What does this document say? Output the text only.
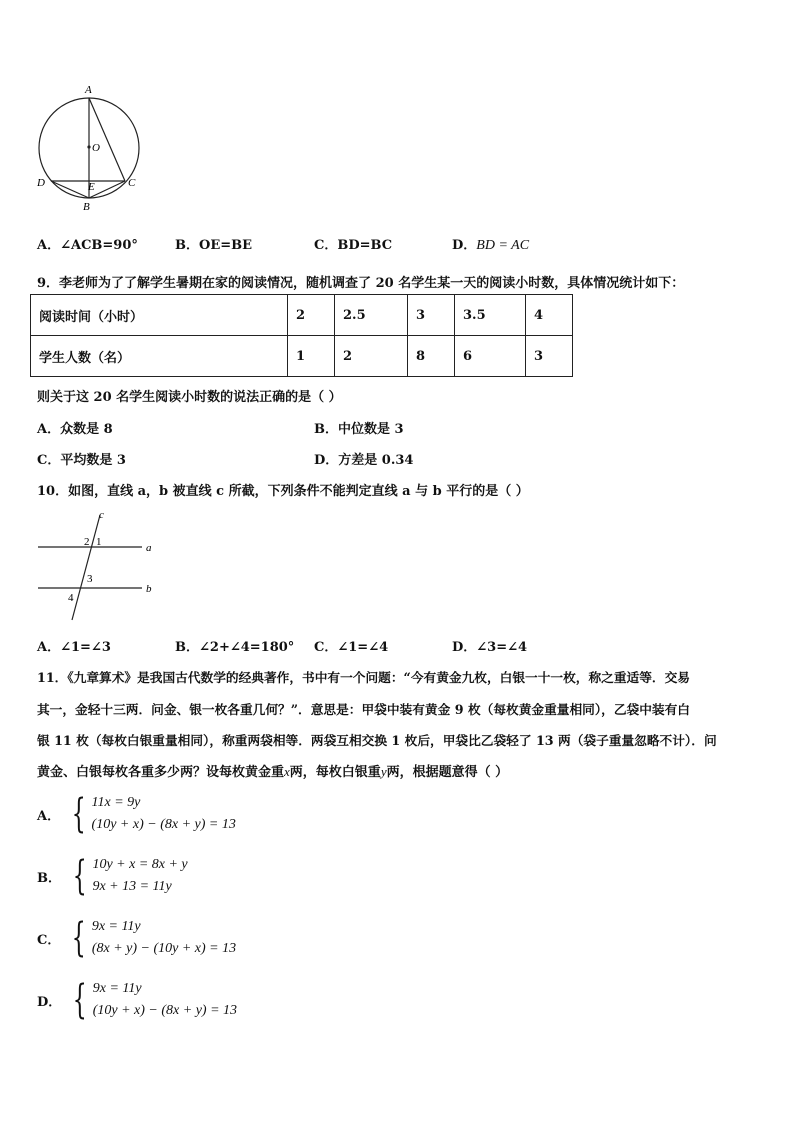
A
O
D	E	C
B
A．∠ACB=90°	B．OE=BE	C．BD=BC	D．BD = AC
9．李老师为了了解学生暑期在家的阅读情况，随机调查了 20 名学生某一天的阅读小时数，具体情况统计如下：
阅读时间（小时）	2	2.5	3	3.5	4
学生人数（名）	1	2	8	6	3
则关于这 20 名学生阅读小时数的说法正确的是（ ）
A．众数是 8	B．中位数是 3
C．平均数是 3	D．方差是 0.34
10．如图，直线 a，b 被直线 c 所截，下列条件不能判定直线 a 与 b 平行的是（ ）
c
a
b
2 1
3
4
A．∠1=∠3	B．∠2+∠4=180° C．∠1=∠4	D．∠3=∠4
11．《九章算术》是我国古代数学的经典著作，书中有一个问题：“今有黄金九枚，白银一十一枚，称之重适等．交易
其一，金轻十三两．问金、银一枚各重几何？”．意思是：甲袋中装有黄金 9 枚（每枚黄金重量相同），乙袋中装有白
银 11 枚（每枚白银重量相同），称重两袋相等．两袋互相交换 1 枚后，甲袋比乙袋轻了 13 两（袋子重量忽略不计）．问
黄金、白银每枚各重多少两？设每枚黄金重x两，每枚白银重y两，根据题意得（ ）
A． { 11x = 9y
(10y + x) − (8x + y) = 13
B． { 10y + x = 8x + y
9x + 13 = 11y
C． { 9x = 11y
(8x + y) − (10y + x) = 13
D． { 9x = 11y
(10y + x) − (8x + y) = 13
